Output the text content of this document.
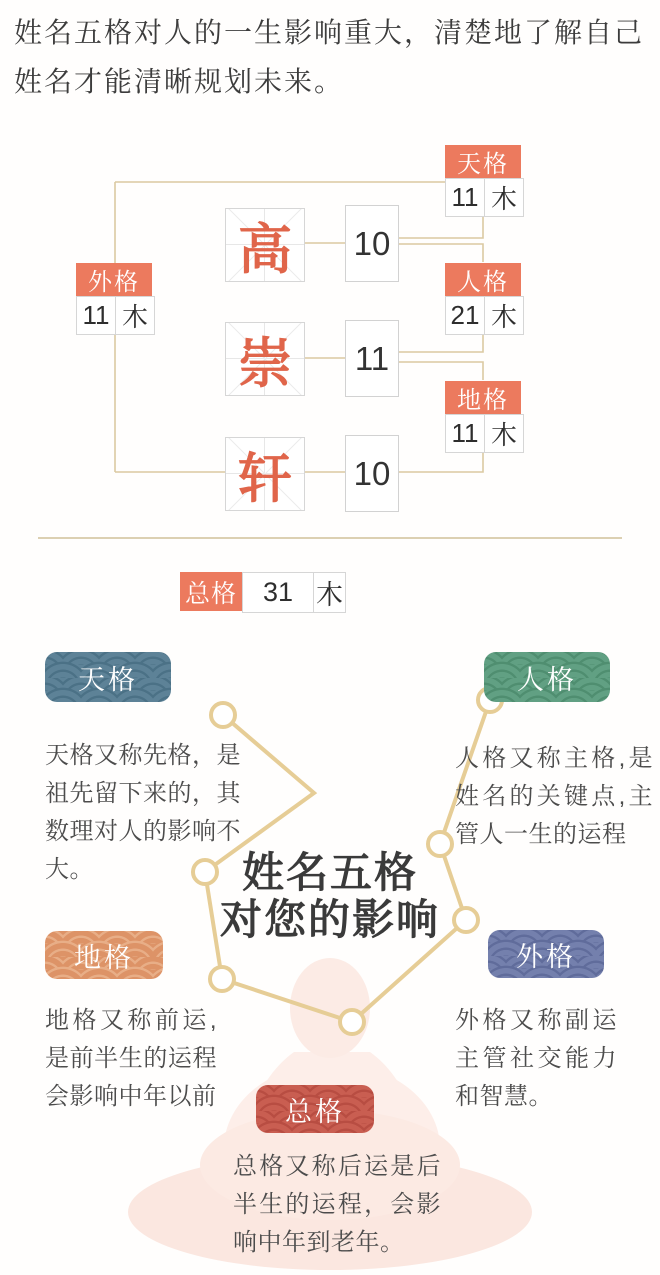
姓名五格对人的一生影响重大，清楚地了解自己姓名才能清晰规划未来。
天格
11 木
人格
21 木
地格
11 木
外格
11 木
高
崇
轩
10
11
10
总格 31 木
天格	人格
地格	外格
总格
天格又称先格，是祖先留下来的，其数理对人的影响不大。
人格又称主格,是姓名的关键点,主管人一生的运程
地格又称前运,是前半生的运程会影响中年以前
外格又称副运主管社交能力和智慧。
总格又称后运是后半生的运程，会影响中年到老年。
姓名五格
对您的影响
